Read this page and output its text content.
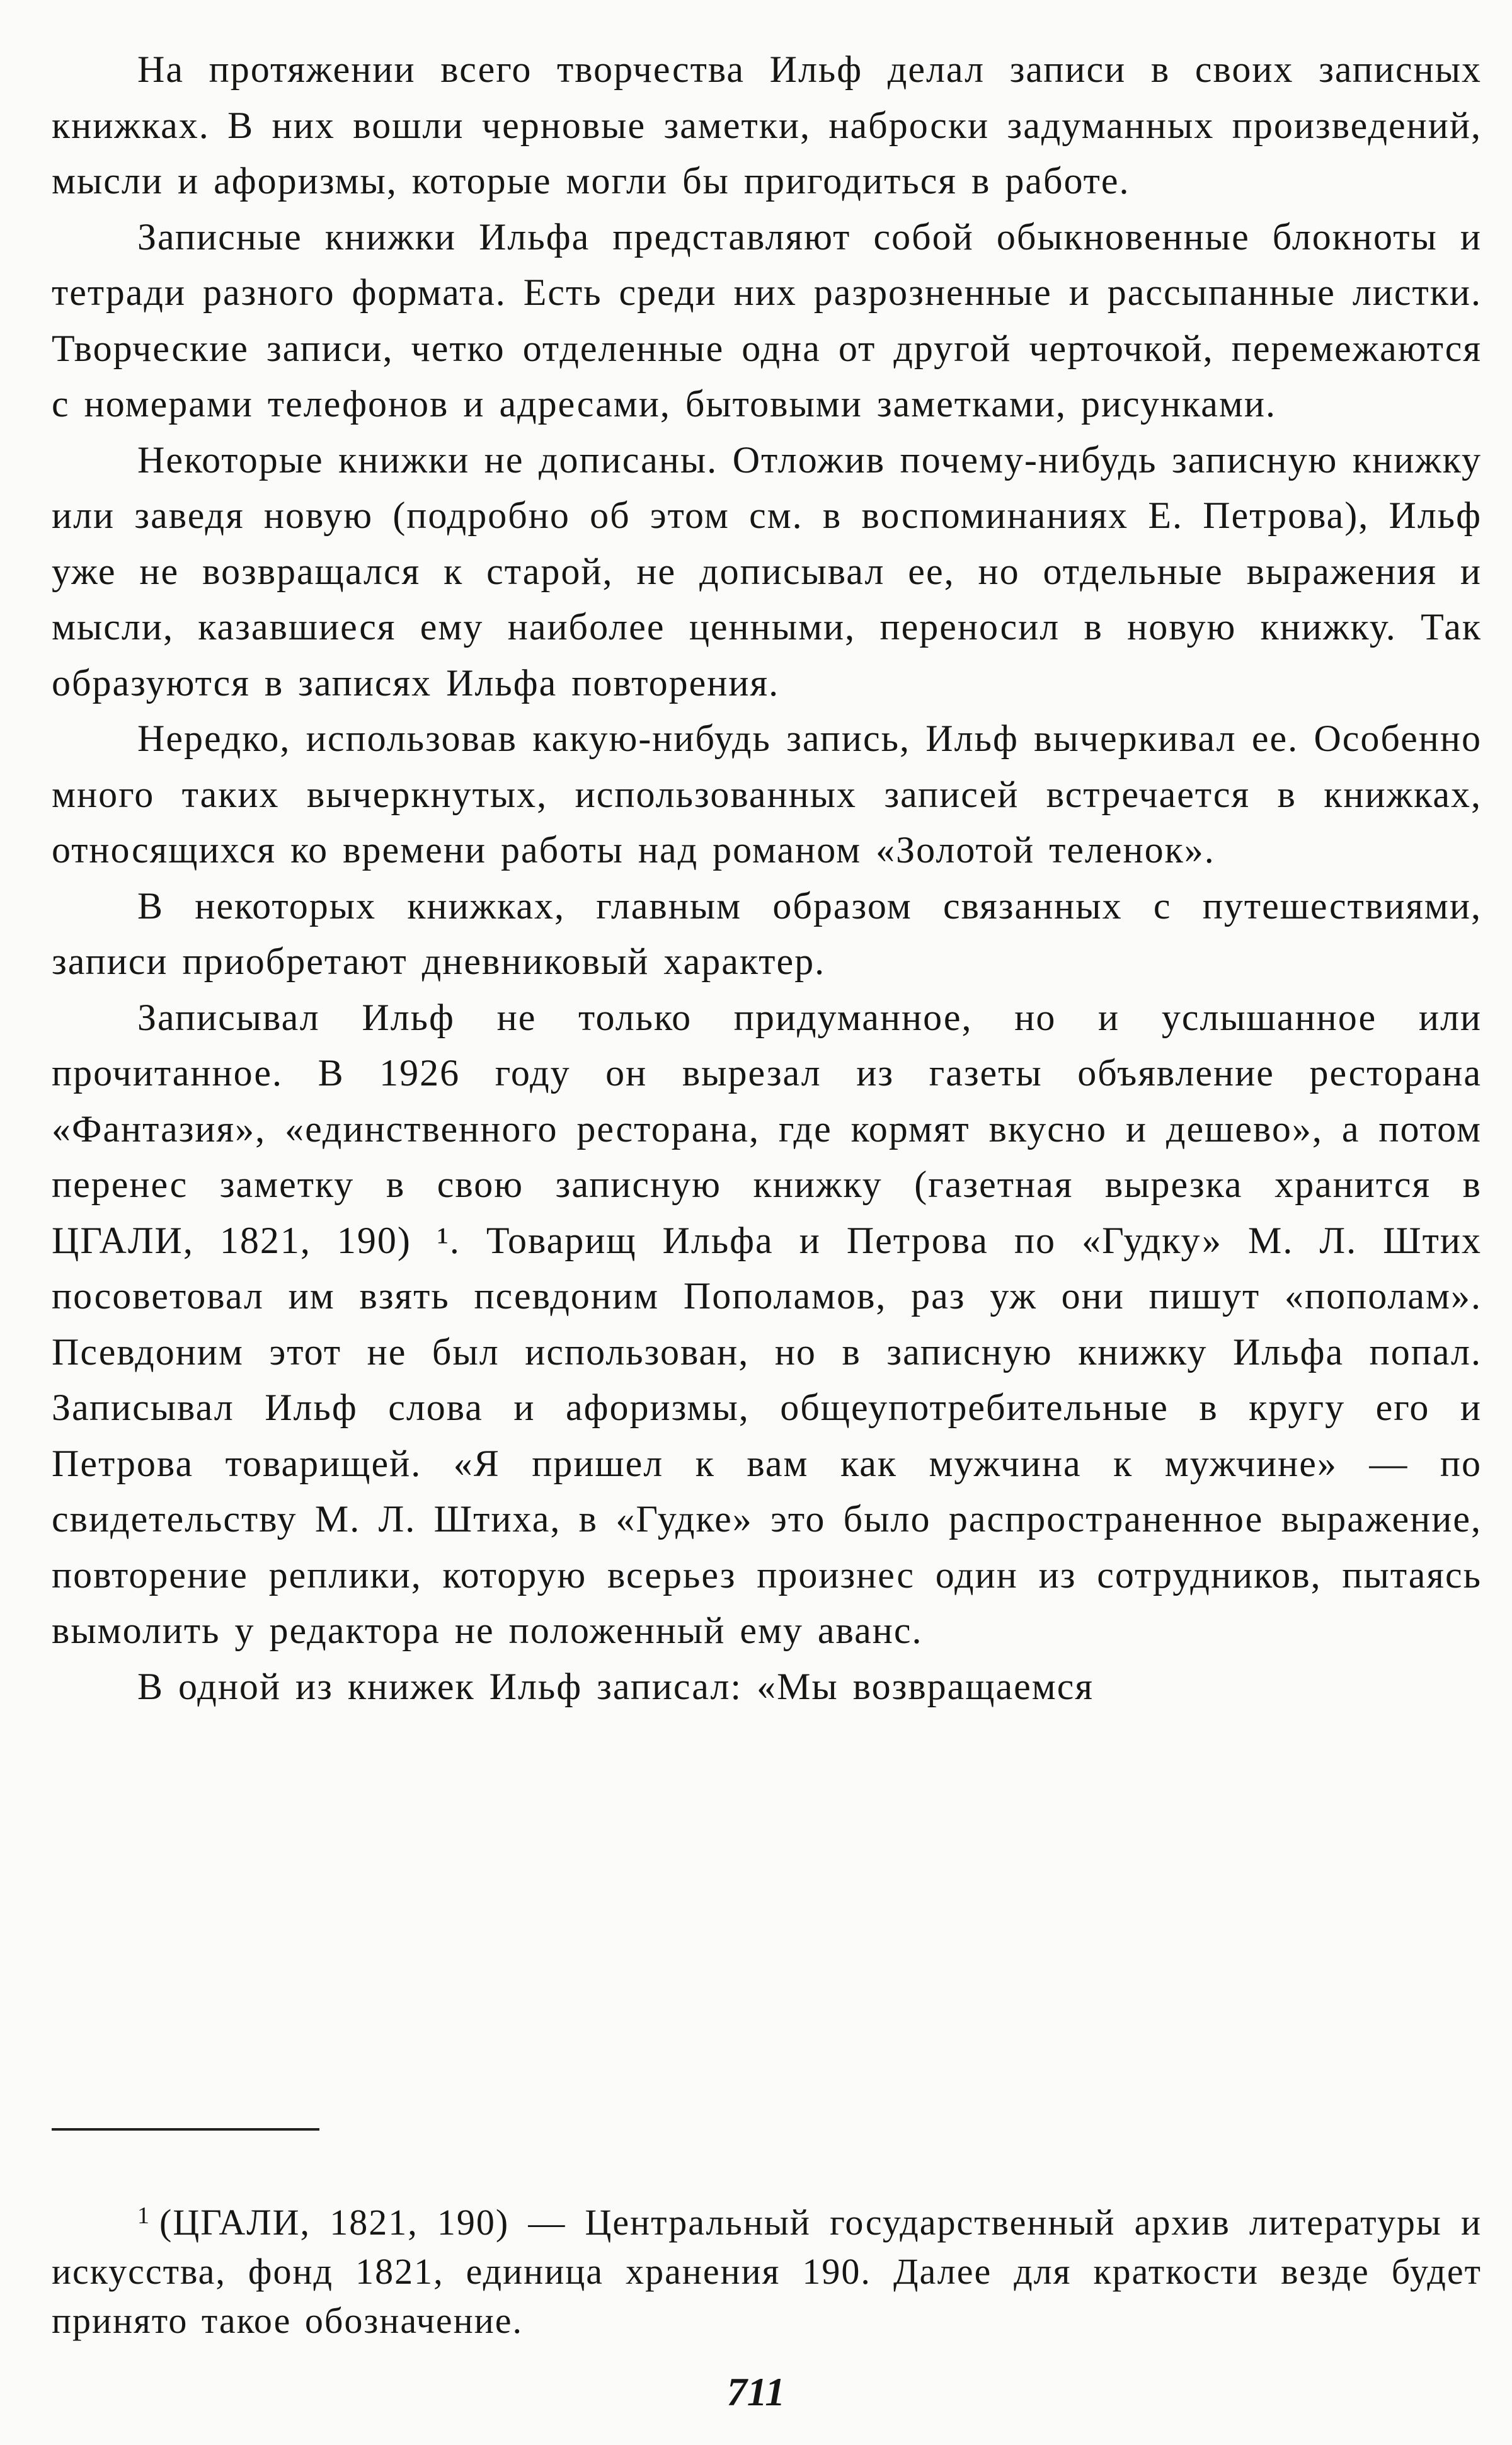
На протяжении всего творчества Ильф делал записи в своих записных книжках. В них вошли черновые заметки, наброски задуманных произведений, мысли и афоризмы, которые могли бы пригодиться в работе.

Записные книжки Ильфа представляют собой обыкновенные блокноты и тетради разного формата. Есть среди них разрозненные и рассыпанные листки. Творческие записи, четко отделенные одна от другой черточкой, перемежаются с номерами телефонов и адресами, бытовыми заметками, рисунками.

Некоторые книжки не дописаны. Отложив почему-нибудь записную книжку или заведя новую (подробно об этом см. в воспоминаниях Е. Петрова), Ильф уже не возвращался к старой, не дописывал ее, но отдельные выражения и мысли, казавшиеся ему наиболее ценными, переносил в новую книжку. Так образуются в записях Ильфа повторения.

Нередко, использовав какую-нибудь запись, Ильф вычеркивал ее. Особенно много таких вычеркнутых, использованных записей встречается в книжках, относящихся ко времени работы над романом «Золотой теленок».

В некоторых книжках, главным образом связанных с путешествиями, записи приобретают дневниковый характер.

Записывал Ильф не только придуманное, но и услышанное или прочитанное. В 1926 году он вырезал из газеты объявление ресторана «Фантазия», «единственного ресторана, где кормят вкусно и дешево», а потом перенес заметку в свою записную книжку (газетная вырезка хранится в ЦГАЛИ, 1821, 190) ¹. Товарищ Ильфа и Петрова по «Гудку» М. Л. Штих посоветовал им взять псевдоним Пополамов, раз уж они пишут «пополам». Псевдоним этот не был использован, но в записную книжку Ильфа попал. Записывал Ильф слова и афоризмы, общеупотребительные в кругу его и Петрова товарищей. «Я пришел к вам как мужчина к мужчине» — по свидетельству М. Л. Штиха, в «Гудке» это было распространенное выражение, повторение реплики, которую всерьез произнес один из сотрудников, пытаясь вымолить у редактора не положенный ему аванс.

В одной из книжек Ильф записал: «Мы возвращаемся

$^1$ (ЦГАЛИ, 1821, 190) — Центральный государственный архив литературы и искусства, фонд 1821, единица хранения 190. Далее для краткости везде будет принято такое обозначение.

711
